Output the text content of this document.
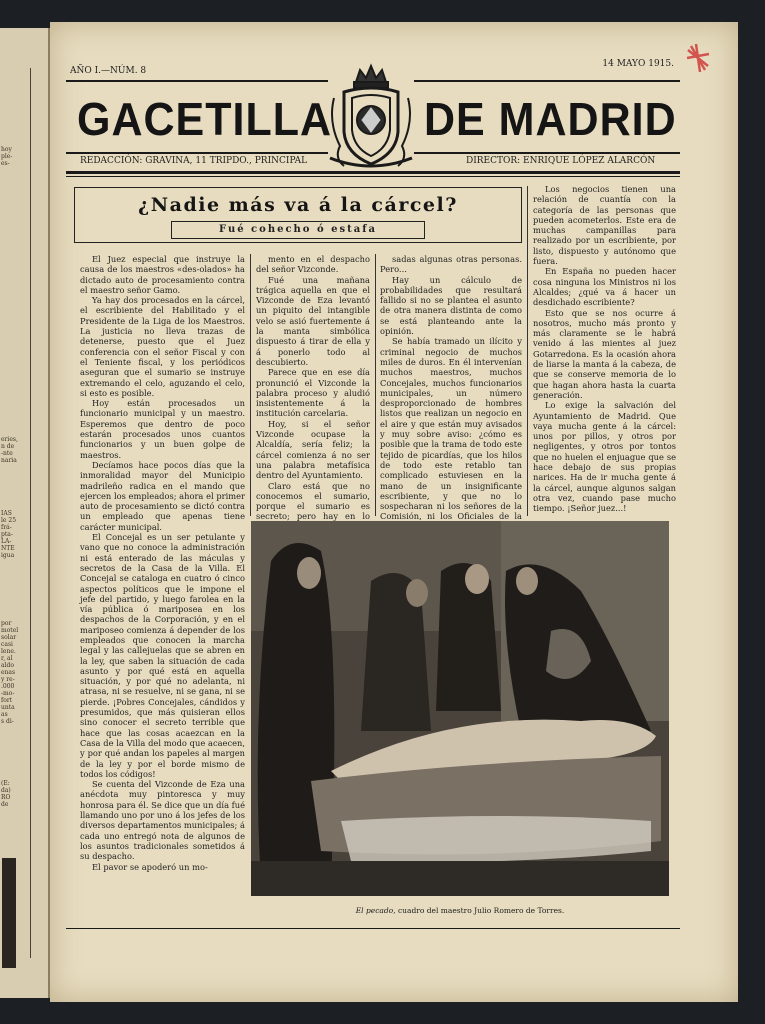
hoy
ple-
es-
eries,
n de
-nte
naria
IAS
le 25
frá-
pta-
LA-
NTE
igua
por
motel
solar
casi
lene.
r, al
aldo
enas
y re-
.000
-mo-
fort
unta
as
s di-
(E:
da)
RO
de
AÑO I.—NÚM. 8
14 MAYO 1915.
GACETILLA DE MADRID
REDACCIÓN: GRAVINA, 11 TRIPDO., PRINCIPAL	DIRECTOR: ENRIQUE LÓPEZ ALARCÓN
¿Nadie más va á la cárcel?
Fué cohecho ó estafa

El Juez especial que instruye la causa de los maestros «des-olados» ha dictado auto de procesamiento contra el maestro señor Gamo.

Ya hay dos procesados en la cárcel, el escribiente del Habilitado y el Presidente de la Liga de los Maestros. La justicia no lleva trazas de detenerse, puesto que el Juez conferencia con el señor Fiscal y con el Teniente fiscal, y los periódicos aseguran que el sumario se instruye extremando el celo, aguzando el celo, si esto es posible.

Hoy están procesados un funcionario municipal y un maestro. Esperemos que dentro de poco estarán procesados unos cuantos funcionarios y un buen golpe de maestros.

Decíamos hace pocos días que la inmoralidad mayor del Municipio madrileño radica en el mando que ejercen los empleados; ahora el primer auto de procesamiento se dictó contra un empleado que apenas tiene carácter municipal.

El Concejal es un ser petulante y vano que no conoce la administración ni está enterado de las máculas y secretos de la Casa de la Villa. El Concejal se cataloga en cuatro ó cinco aspectos políticos que le impone el jefe del partido, y luego farolea en la vía pública ó mariposea en los despachos de la Corporación, y en el mariposeo comienza á depender de los empleados que conocen la marcha legal y las callejuelas que se abren en la ley, que saben la situación de cada asunto y por qué está en aquella situación, y por qué no adelanta, ni atrasa, ni se resuelve, ni se gana, ni se pierde. ¡Pobres Concejales, cándidos y presumidos, que más quisieran ellos sino conocer el secreto terrible que hace que las cosas acaezcan en la Casa de la Villa del modo que acaecen, y por qué andan los papeles al margen de la ley y por el borde mismo de todos los códigos!

Se cuenta del Vizconde de Eza una anécdota muy pintoresca y muy honrosa para él. Se dice que un día fué llamando uno por uno á los jefes de los diversos departamentos municipales; á cada uno entregó nota de algunos de los asuntos tradicionales sometidos á su despacho.

El pavor se apoderó un mo-

mento en el despacho del señor Vizconde.

Fué una mañana trágica aquella en que el Vizconde de Eza levantó un piquito del intangible velo se asió fuertemente á la manta simbólica dispuesto á tirar de ella y á ponerlo todo al descubierto.

Parece que en ese día pronunció el Vizconde la palabra proceso y aludió insistentemente á la institución carcelaria.

Hoy, si el señor Vizconde ocupase la Alcaldía, sería feliz; la cárcel comienza á no ser una palabra metafísica dentro del Ayuntamiento.

Claro está que no conocemos el sumario, porque el sumario es secreto; pero hay en lo

sadas algunas otras personas. Pero...

Hay un cálculo de probabilidades que resultará fallido si no se plantea el asunto de otra manera distinta de como se está planteando ante la opinión.

Se había tramado un ilícito y criminal negocio de muchos miles de duros. En él intervenían muchos maestros, muchos Concejales, muchos funcionarios municipales, un número desproporcionado de hombres listos que realizan un negocio en el aire y que están muy avisados y muy sobre aviso: ¿cómo es posible que la trama de todo este tejido de picardías, que los hilos de todo este retablo tan complicado estuviesen en la mano de un insignificante escribiente, y que no lo sospecharan ni los señores de la Comisión, ni los Oficiales de la

Los negocios tienen una relación de cuantía con la categoría de las personas que pueden acometerlos. Este era de muchas campanillas para realizado por un escribiente, por listo, dispuesto y autónomo que fuera.

En España no pueden hacer cosa ninguna los Ministros ni los Alcaldes; ¿qué va á hacer un desdichado escribiente?

Esto que se nos ocurre á nosotros, mucho más pronto y más claramente se le habrá venido á las mientes al juez Gotarredona. Es la ocasión ahora de liarse la manta á la cabeza, de que se conserve memoria de lo que hagan ahora hasta la cuarta generación.

Lo exige la salvación del Ayuntamiento de Madrid. Que vaya mucha gente á la cárcel: unos por pillos, y otros por negligentes, y otros por tontos que no huelen el enjuague que se hace debajo de sus propias narices. Ha de ir mucha gente á la cárcel, aunque algunos salgan otra vez, cuando pase mucho tiempo. ¡Señor juez...!

El pecado, cuadro del maestro Julio Romero de Torres.
